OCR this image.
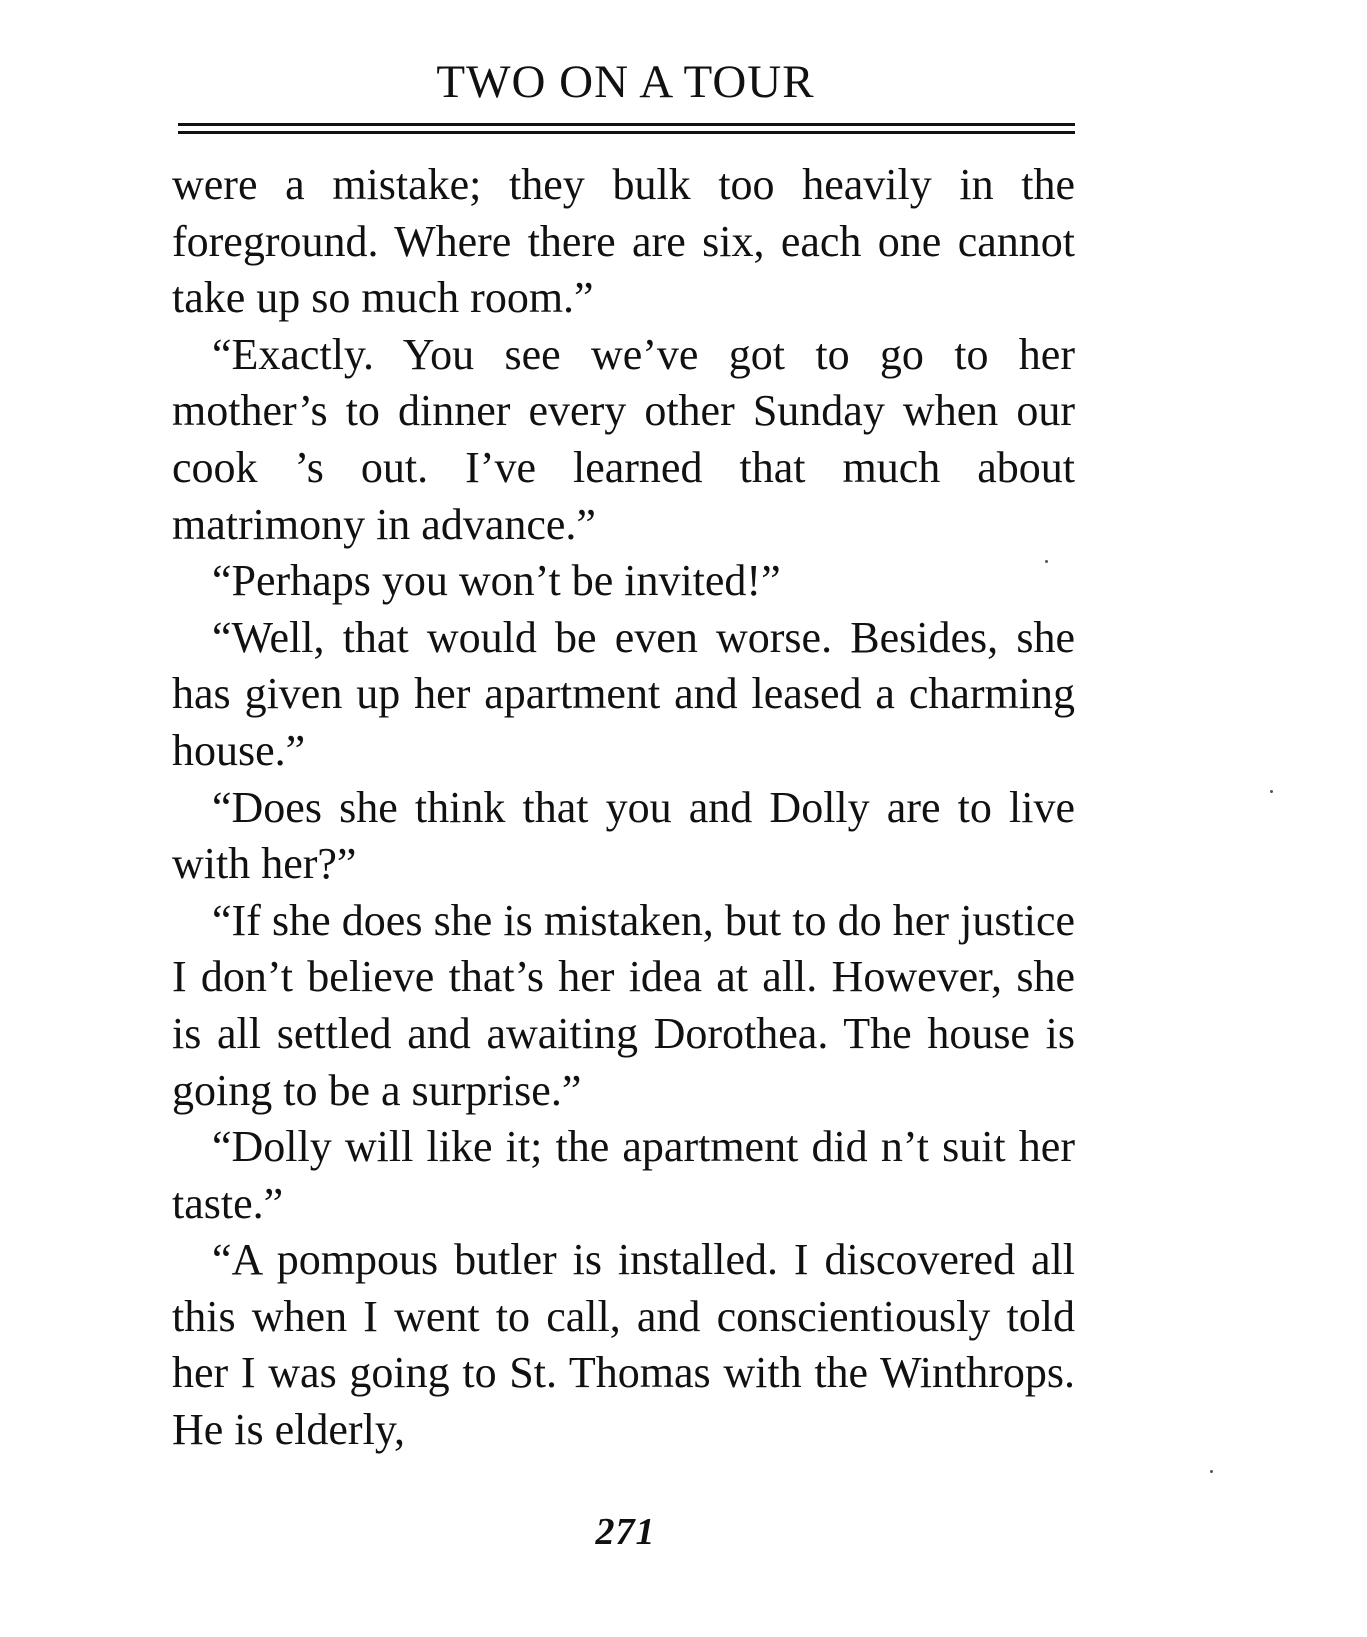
TWO ON A TOUR

were a mistake; they bulk too heavily in the foreground. Where there are six, each one cannot take up so much room.”

“Exactly. You see we’ve got to go to her mother’s to dinner every other Sunday when our cook ’s out. I’ve learned that much about matrimony in advance.”

“Perhaps you won’t be invited!”

“Well, that would be even worse. Besides, she has given up her apartment and leased a charming house.”

“Does she think that you and Dolly are to live with her?”

“If she does she is mistaken, but to do her justice I don’t believe that’s her idea at all. However, she is all settled and awaiting Dorothea. The house is going to be a surprise.”

“Dolly will like it; the apartment did n’t suit her taste.”

“A pompous butler is installed. I discovered all this when I went to call, and conscientiously told her I was going to St. Thomas with the Winthrops. He is elderly,

271
